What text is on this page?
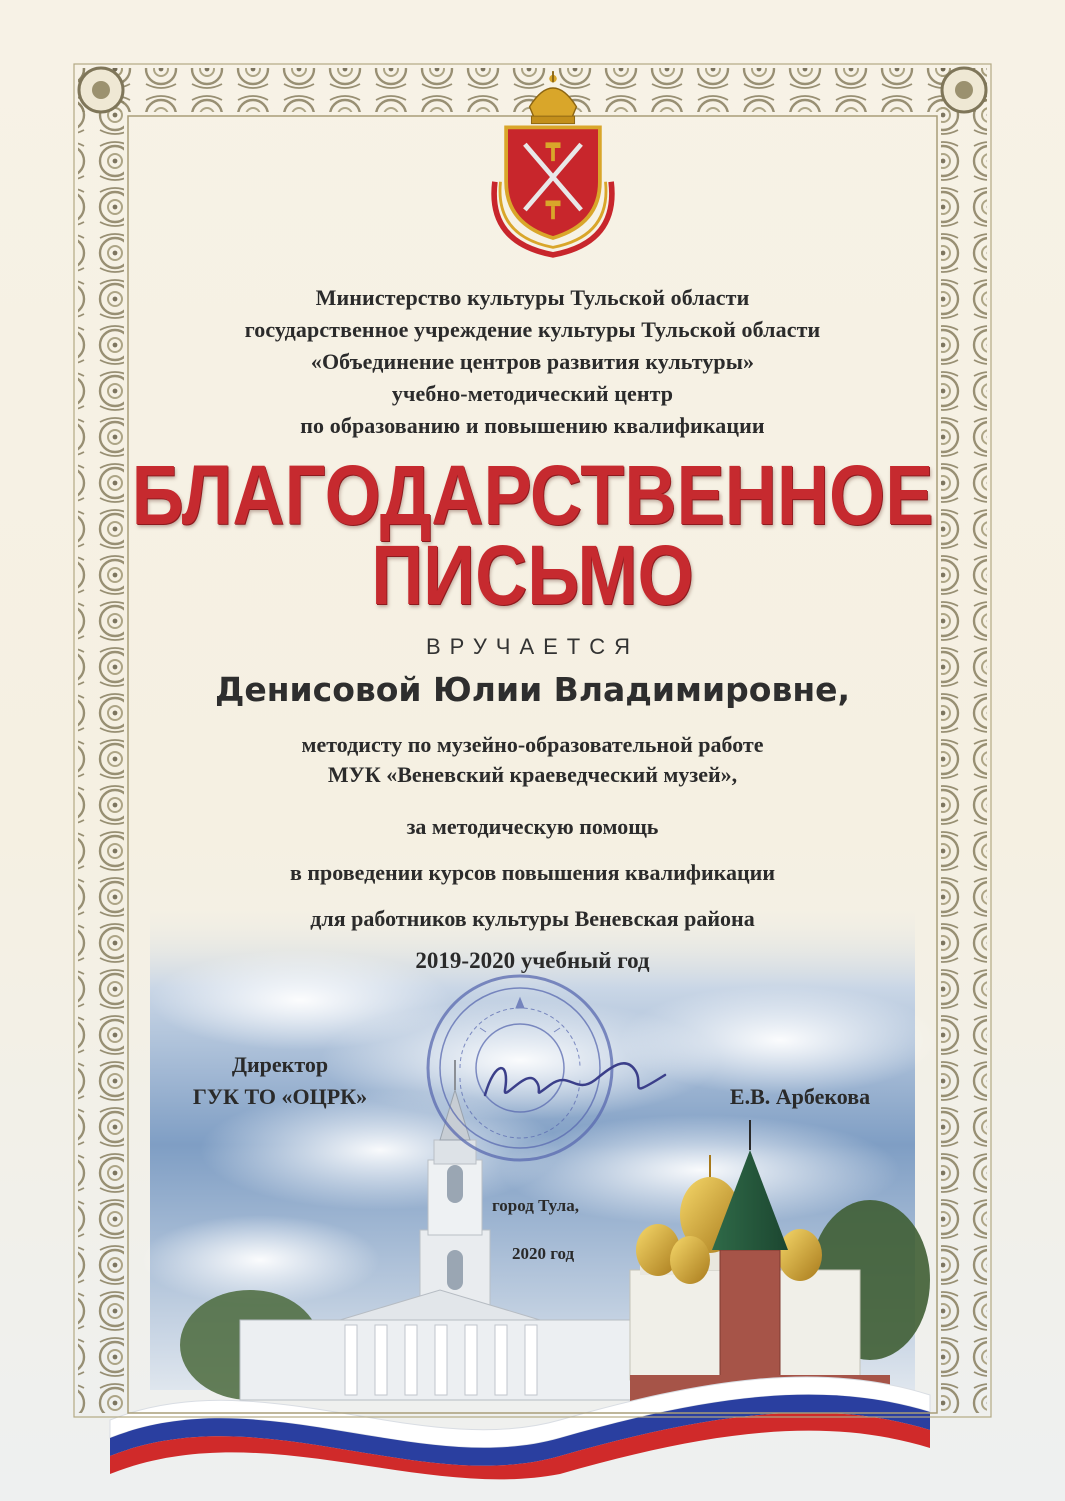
Министерство культуры Тульской области
государственное учреждение культуры Тульской области
«Объединение центров развития культуры»
учебно-методический центр
по образованию и повышению квалификации
БЛАГОДАРСТВЕННОЕ
ПИСЬМО
ВРУЧАЕТСЯ
Денисовой Юлии Владимировне,
методисту по музейно-образовательной работе
МУК «Веневский краеведческий музей»,
за методическую помощь
в проведении курсов повышения квалификации
для работников культуры Веневская района
2019-2020 учебный год
Директор
ГУК ТО «ОЦРК»	Е.В. Арбекова
город Тула,
2020 год
